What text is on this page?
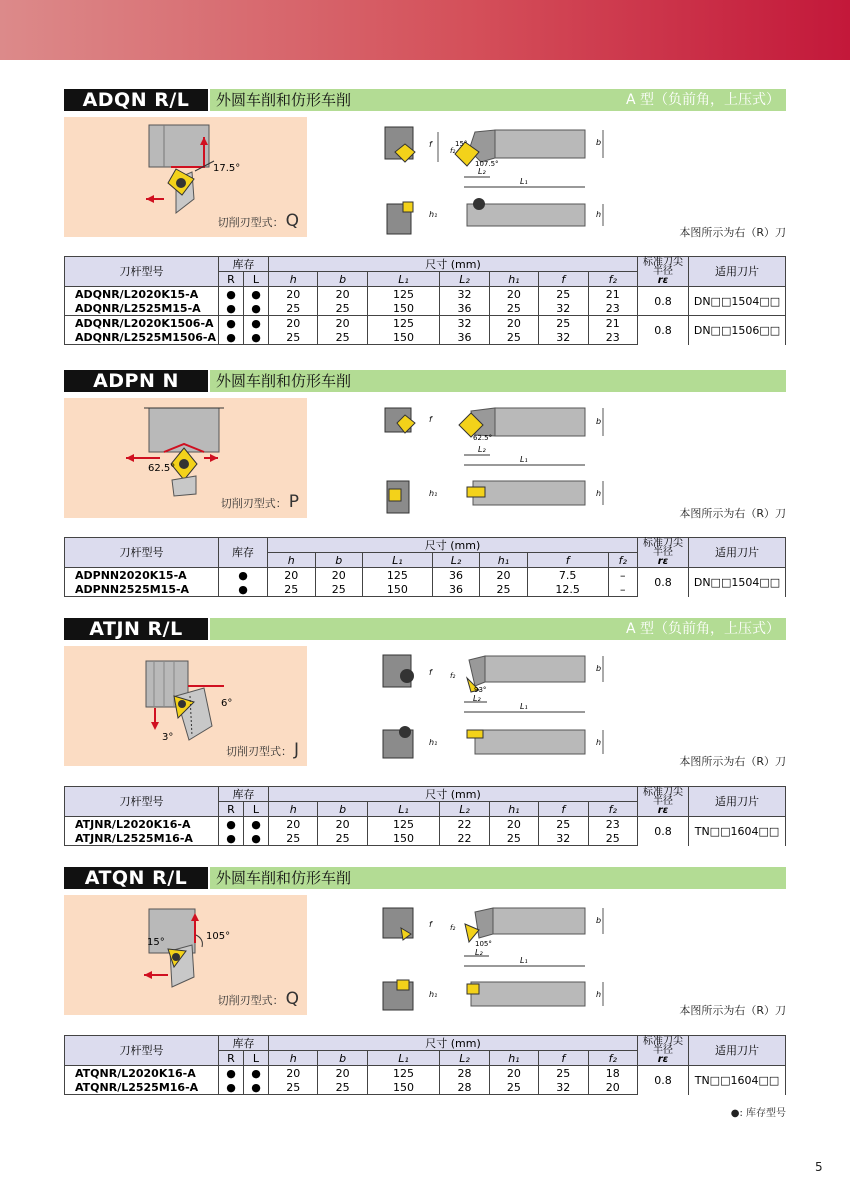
ADQN R/L	外圆车削和仿形车削	A 型（负前角，上压式）
17.5°
切削刃型式： Q
15°
107.5°
f
f₂
b
h
h₁
L₂
L₁
本图所示为右（R）刀
刀杆型号	库存		尺寸 (mm)							标准刀尖
半径
rε	适用刀片
	R	L	h	b	L₁	L₂	h₁	f	f₂		
ADQNR/L2020K15-A	●	●	20	20	125	32	20	25	21	0.8	DN□□1504□□
ADQNR/L2525M15-A	●	●	25	25	150	36	25	32	23		
ADQNR/L2020K1506-A	●	●	20	20	125	32	20	25	21	0.8	DN□□1506□□
ADQNR/L2525M1506-A	●	●	25	25	150	36	25	32	23		
ADPN N	外圆车削和仿形车削
62.5°
切削刃型式： P
62.5°
f	b
h
h₁
L₂
L₁
本图所示为右（R）刀
刀杆型号	库存	尺寸 (mm)							标准刀尖
半径
rε	适用刀片
		h	b	L₁	L₂	h₁	f	f₂		
ADPNN2020K15-A	●	20	20	125	36	20	7.5	–	0.8	DN□□1504□□
ADPNN2525M15-A	●	25	25	150	36	25	12.5	–		
ATJN R/L	A 型（负前角，上压式）
6°
3°
切削刃型式： J
93°
f	f₂
b
h
h₁
L₂
L₁
本图所示为右（R）刀
刀杆型号	库存		尺寸 (mm)							标准刀尖
半径
rε	适用刀片
	R	L	h	b	L₁	L₂	h₁	f	f₂		
ATJNR/L2020K16-A	●	●	20	20	125	22	20	25	23	0.8	TN□□1604□□
ATJNR/L2525M16-A	●	●	25	25	150	22	25	32	25		
ATQN R/L	外圆车削和仿形车削
15°
105°
切削刃型式： Q
105°
f	f₂
b
h
h₁
L₂
L₁
本图所示为右（R）刀
刀杆型号	库存		尺寸 (mm)							标准刀尖
半径
rε	适用刀片
	R	L	h	b	L₁	L₂	h₁	f	f₂		
ATQNR/L2020K16-A	●	●	20	20	125	28	20	25	18	0.8	TN□□1604□□
ATQNR/L2525M16-A	●	●	25	25	150	28	25	32	20		
●: 库存型号
5
